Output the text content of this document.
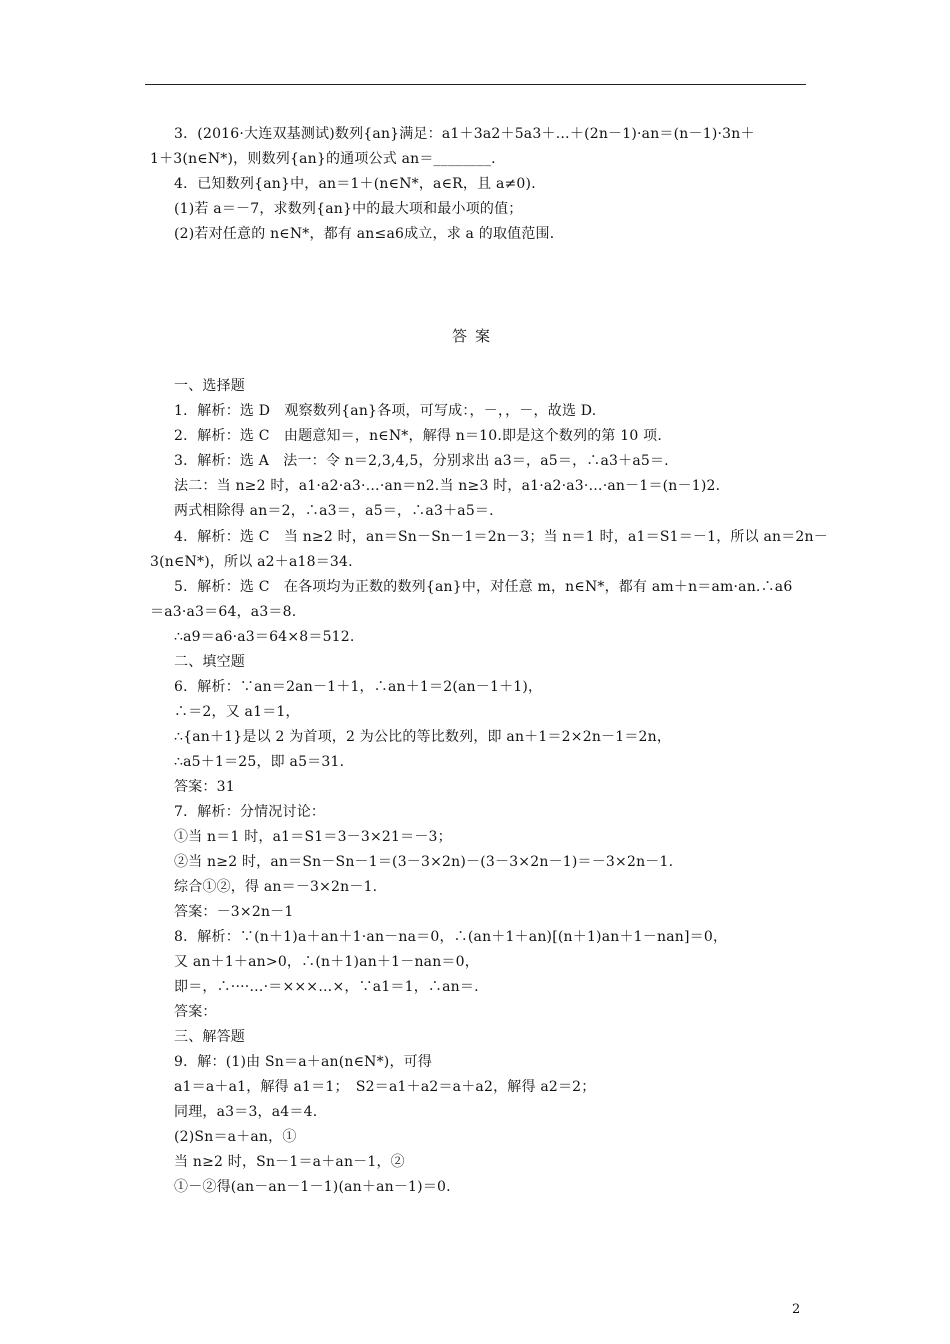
3．(2016·大连双基测试)数列{an}满足：a1＋3a2＋5a3＋…＋(2n－1)·an＝(n－1)·3n＋
1＋3(n∈N*)，则数列{an}的通项公式 an＝________.
4．已知数列{an}中，an＝1＋(n∈N*，a∈R，且 a≠0)．
(1)若 a＝－7，求数列{an}中的最大项和最小项的值；
(2)若对任意的 n∈N*，都有 an≤a6成立，求 a 的取值范围．
答案
一、选择题
1．解析：选 D　观察数列{an}各项，可写成：，－，，－，故选 D.
2．解析：选 C　由题意知＝，n∈N*，解得 n＝10.即是这个数列的第 10 项.
3．解析：选 A　法一：令 n＝2,3,4,5，分别求出 a3＝，a5＝，∴a3＋a5＝.
法二：当 n≥2 时，a1·a2·a3·…·an＝n2.当 n≥3 时，a1·a2·a3·…·an－1＝(n－1)2.
两式相除得 an＝2，∴a3＝，a5＝，∴a3＋a5＝.
4．解析：选 C　当 n≥2 时，an＝Sn－Sn－1＝2n－3；当 n＝1 时，a1＝S1＝－1，所以 an＝2n－
3(n∈N*)，所以 a2＋a18＝34.
5．解析：选 C　在各项均为正数的数列{an}中，对任意 m，n∈N*，都有 am＋n＝am·an.∴a6
＝a3·a3＝64，a3＝8.
∴a9＝a6·a3＝64×8＝512.
二、填空题
6．解析：∵an＝2an－1＋1，∴an＋1＝2(an－1＋1)，
∴＝2，又 a1＝1，
∴{an＋1}是以 2 为首项，2 为公比的等比数列，即 an＋1＝2×2n－1＝2n，
∴a5＋1＝25，即 a5＝31.
答案：31
7．解析：分情况讨论：
①当 n＝1 时，a1＝S1＝3－3×21＝－3；
②当 n≥2 时，an＝Sn－Sn－1＝(3－3×2n)－(3－3×2n－1)＝－3×2n－1.
综合①②，得 an＝－3×2n－1.
答案：－3×2n－1
8．解析：∵(n＋1)a＋an＋1·an－na＝0，∴(an＋1＋an)[(n＋1)an＋1－nan]＝0，
又 an＋1＋an>0，∴(n＋1)an＋1－nan＝0，
即＝，∴····…·＝×××…×，∵a1＝1，∴an＝.
答案：
三、解答题
9．解：(1)由 Sn＝a＋an(n∈N*)，可得
a1＝a＋a1，解得 a1＝1；　S2＝a1＋a2＝a＋a2，解得 a2＝2；
同理，a3＝3，a4＝4.
(2)Sn＝a＋an，①
当 n≥2 时，Sn－1＝a＋an－1，②
①－②得(an－an－1－1)(an＋an－1)＝0.
2
